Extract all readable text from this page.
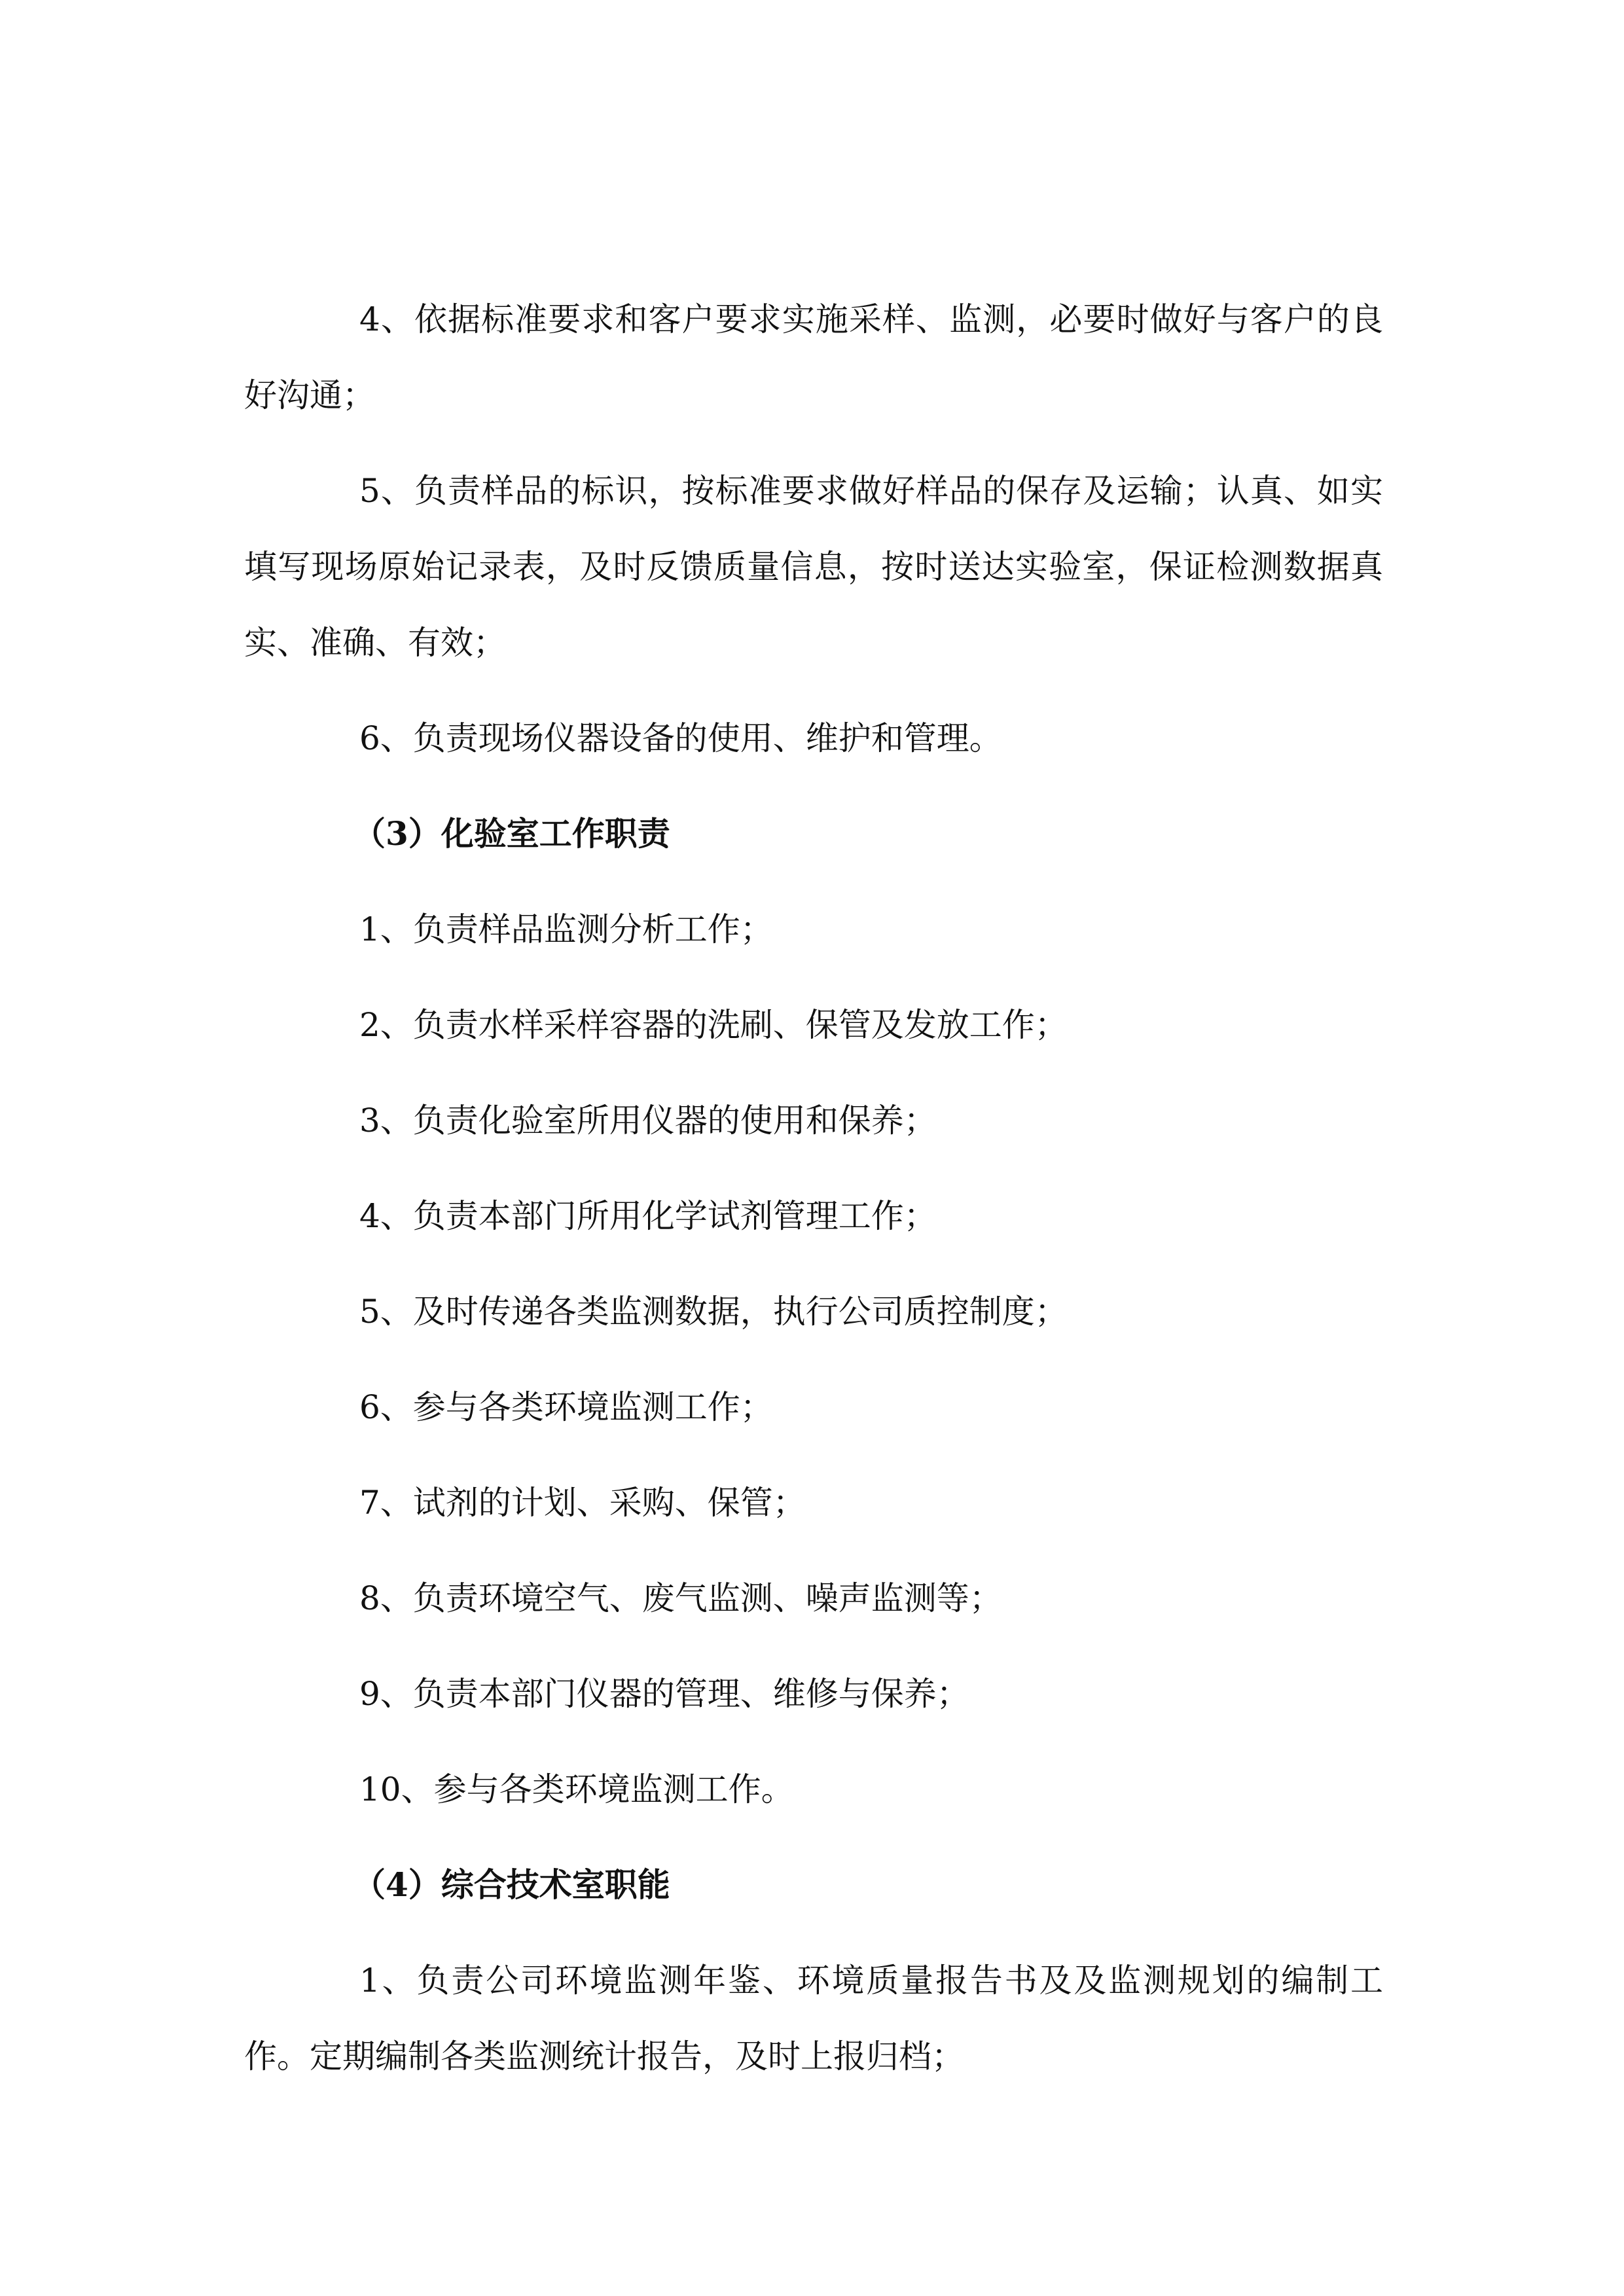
4、依据标准要求和客户要求实施采样、监测，必要时做好与客户的良好沟通；

5、负责样品的标识，按标准要求做好样品的保存及运输；认真、如实填写现场原始记录表，及时反馈质量信息，按时送达实验室，保证检测数据真实、准确、有效；

6、负责现场仪器设备的使用、维护和管理。

（3）化验室工作职责

1、负责样品监测分析工作；

2、负责水样采样容器的洗刷、保管及发放工作；

3、负责化验室所用仪器的使用和保养；

4、负责本部门所用化学试剂管理工作；

5、及时传递各类监测数据，执行公司质控制度；

6、参与各类环境监测工作；

7、试剂的计划、采购、保管；

8、负责环境空气、废气监测、噪声监测等；

9、负责本部门仪器的管理、维修与保养；

10、参与各类环境监测工作。

（4）综合技术室职能

1、负责公司环境监测年鉴、环境质量报告书及及监测规划的编制工作。定期编制各类监测统计报告，及时上报归档；
